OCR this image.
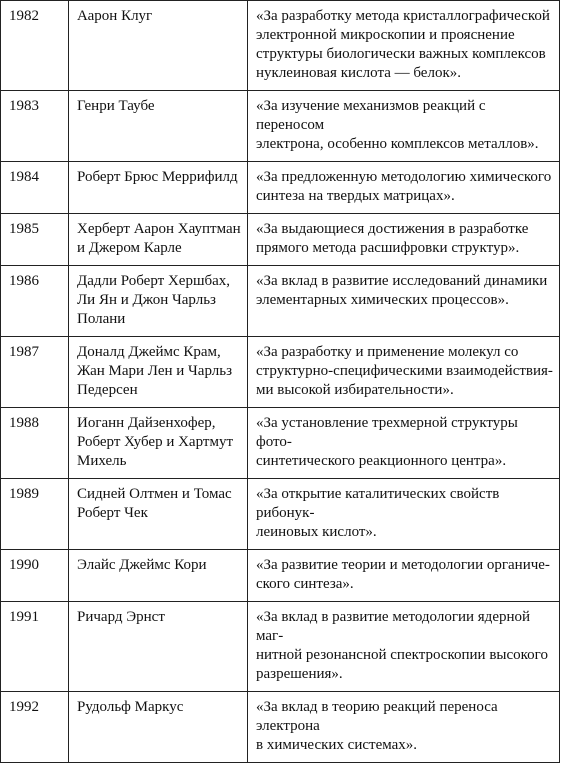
1982	Аарон Клуг	«За разработку метода кристаллографической
электронной микроскопии и прояснение
структуры биологически важных комплексов
нуклеиновая кислота — белок».
1983	Генри Таубе	«За изучение механизмов реакций с переносом
электрона, особенно комплексов металлов».
1984	Роберт Брюс Меррифилд	«За предложенную методологию химического
синтеза на твердых матрицах».
1985	Херберт Аарон Хауптман
и Джером Карле	«За выдающиеся достижения в разработке
прямого метода расшифровки структур».
1986	Дадли Роберт Хершбах,
Ли Ян и Джон Чарльз
Полани	«За вклад в развитие исследований динамики
элементарных химических процессов».
1987	Доналд Джеймс Крам,
Жан Мари Лен и Чарльз
Педерсен	«За разработку и применение молекул со
структурно-специфическими взаимодействия-
ми высокой избирательности».
1988	Иоганн Дайзенхофер,
Роберт Хубер и Хартмут
Михель	«За установление трехмерной структуры фото-
синтетического реакционного центра».
1989	Сидней Олтмен и Томас
Роберт Чек	«За открытие каталитических свойств рибонук-
леиновых кислот».
1990	Элайс Джеймс Кори	«За развитие теории и методологии органиче-
ского синтеза».
1991	Ричард Эрнст	«За вклад в развитие методологии ядерной маг-
нитной резонансной спектроскопии высокого
разрешения».
1992	Рудольф Маркус	«За вклад в теорию реакций переноса электрона
в химических системах».
